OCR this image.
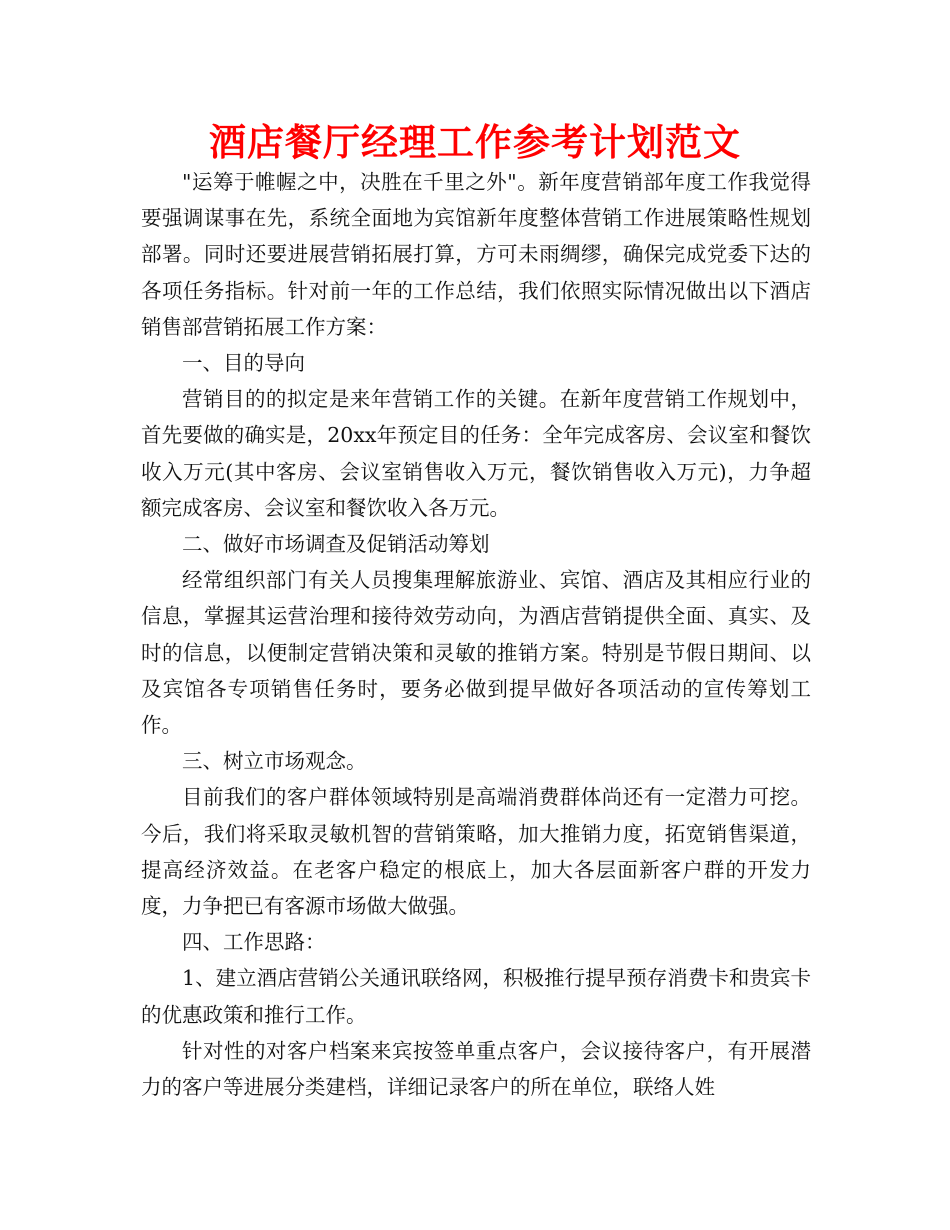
酒店餐厅经理工作参考计划范文

"运筹于帷幄之中，决胜在千里之外"。新年度营销部年度工作我觉得要强调谋事在先，系统全面地为宾馆新年度整体营销工作进展策略性规划部署。同时还要进展营销拓展打算，方可未雨绸缪，确保完成党委下达的各项任务指标。针对前一年的工作总结，我们依照实际情况做出以下酒店销售部营销拓展工作方案：

一、目的导向

营销目的的拟定是来年营销工作的关键。在新年度营销工作规划中，首先要做的确实是，20xx年预定目的任务：全年完成客房、会议室和餐饮收入万元(其中客房、会议室销售收入万元，餐饮销售收入万元)，力争超额完成客房、会议室和餐饮收入各万元。

二、做好市场调查及促销活动筹划

经常组织部门有关人员搜集理解旅游业、宾馆、酒店及其相应行业的信息，掌握其运营治理和接待效劳动向，为酒店营销提供全面、真实、及时的信息，以便制定营销决策和灵敏的推销方案。特别是节假日期间、以及宾馆各专项销售任务时，要务必做到提早做好各项活动的宣传筹划工作。

三、树立市场观念。

目前我们的客户群体领域特别是高端消费群体尚还有一定潜力可挖。今后，我们将采取灵敏机智的营销策略，加大推销力度，拓宽销售渠道，提高经济效益。在老客户稳定的根底上，加大各层面新客户群的开发力度，力争把已有客源市场做大做强。

四、工作思路：

1、建立酒店营销公关通讯联络网，积极推行提早预存消费卡和贵宾卡的优惠政策和推行工作。

针对性的对客户档案来宾按签单重点客户，会议接待客户，有开展潜力的客户等进展分类建档，详细记录客户的所在单位，联络人姓
